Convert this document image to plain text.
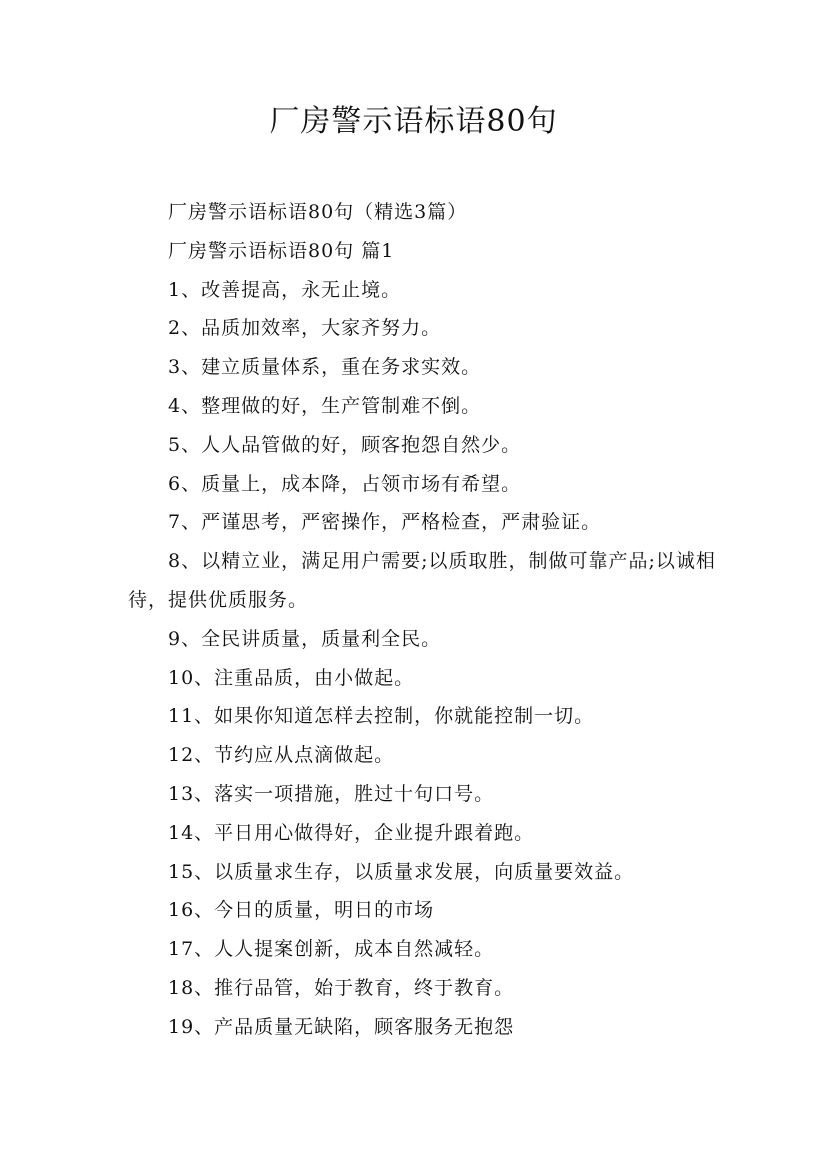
厂房警示语标语80句
厂房警示语标语80句（精选3篇）
厂房警示语标语80句 篇1
1、改善提高，永无止境。
2、品质加效率，大家齐努力。
3、建立质量体系，重在务求实效。
4、整理做的好，生产管制难不倒。
5、人人品管做的好，顾客抱怨自然少。
6、质量上，成本降，占领市场有希望。
7、严谨思考，严密操作，严格检查，严肃验证。
8、以精立业，满足用户需要;以质取胜，制做可靠产品;以诚相待，提供优质服务。
9、全民讲质量，质量利全民。
10、注重品质，由小做起。
11、如果你知道怎样去控制，你就能控制一切。
12、节约应从点滴做起。
13、落实一项措施，胜过十句口号。
14、平日用心做得好，企业提升跟着跑。
15、以质量求生存，以质量求发展，向质量要效益。
16、今日的质量，明日的市场
17、人人提案创新，成本自然减轻。
18、推行品管，始于教育，终于教育。
19、产品质量无缺陷，顾客服务无抱怨
